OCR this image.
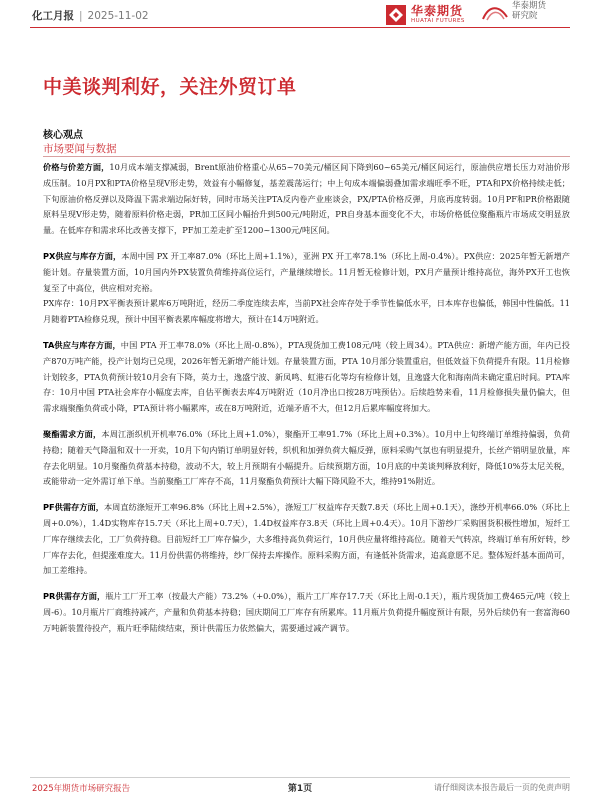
化工月报 | 2025-11-02	华泰期货
HUATAI FUTURES
华泰期货
研究院
中美谈判利好，关注外贸订单
核心观点
市场要闻与数据

价格与价差方面，10月成本端支撑减弱，Brent原油价格重心从65~70美元/桶区间下降到60~65美元/桶区间运行，原油供应增长压力对油价形成压制。10月PX和PTA价格呈现V形走势，效益有小幅修复，基差震荡运行；中上旬成本端偏弱叠加需求端旺季不旺，PTA和PX价格持续走低；下旬原油价格反弹以及降温下需求端边际好转，同时市场关注PTA反内卷产业座谈会，PX/PTA价格反弹，月底再度转弱。10月PF和PR价格跟随原料呈现V形走势，随着原料价格走弱，PR加工区间小幅抬升到500元/吨附近，PR自身基本面变化不大，市场价格低位聚酯瓶片市场成交明显放量。在低库存和需求环比改善支撑下，PF加工差走扩至1200~1300元/吨区间。

PX供应与库存方面，本周中国 PX 开工率87.0%（环比上周+1.1%），亚洲 PX 开工率78.1%（环比上周-0.4%）。PX供应：2025年暂无新增产能计划。存量装置方面，10月国内外PX装置负荷维持高位运行，产量继续增长。11月暂无检修计划，PX月产量预计维持高位，海外PX开工也恢复至了中高位，供应相对充裕。

PX库存：10月PX平衡表预计累库6万吨附近，经历二季度连续去库，当前PX社会库存处于季节性偏低水平，日本库存也偏低，韩国中性偏低。11月随着PTA检修兑现，预计中国平衡表累库幅度将增大，预计在14万吨附近。

TA供应与库存方面，中国 PTA 开工率78.0%（环比上周-0.8%），PTA现货加工费108元/吨（较上周34）。PTA供应：新增产能方面，年内已投产870万吨产能，投产计划均已兑现，2026年暂无新增产能计划。存量装置方面，PTA 10月部分装置重启，但低效益下负荷提升有限。11月检修计划较多，PTA负荷预计较10月会有下降，英力士，逸盛宁波、新凤鸣、虹港石化等均有检修计划，且逸盛大化和海南尚未确定重启时间。PTA库存：10月中国 PTA社会库存小幅度去库，自估平衡表去库4万吨附近（10月净出口按28万吨预估）。后续趋势来看，11月检修损失量仍偏大，但需求端聚酯负荷或小降，PTA预计将小幅累库，或在8万吨附近，近端矛盾不大，但12月后累库幅度将加大。

聚酯需求方面，本周江浙织机开机率76.0%（环比上周+1.0%），聚酯开工率91.7%（环比上周+0.3%）。10月中上旬终端订单维持偏弱，负荷持稳；随着天气降温和双十一开卖，10月下旬内销订单明显好转，织机和加弹负荷大幅反弹，原料采购气氛也有明显提升，长丝产销明显放量，库存去化明显。10月聚酯负荷基本持稳，波动不大，较上月预期有小幅提升。后续预期方面，10月底的中美谈判释放利好，降低10%芬太尼关税，或能带动一定外需订单下单。当前聚酯工厂库存不高，11月聚酯负荷预计大幅下降风险不大，维持91%附近。

PF供需存方面，本周直纺涤短开工率96.8%（环比上周+2.5%），涤短工厂权益库存天数7.8天（环比上周+0.1天），涤纱开机率66.0%（环比上周+0.0%），1.4D实物库存15.7天（环比上周+0.7天），1.4D权益库存3.8天（环比上周+0.4天）。10月下游纱厂采购围货积极性增加，短纤工厂库存继续去化，工厂负荷持稳。目前短纤工厂库存偏少，大多维持高负荷运行，10月供应量将维持高位。随着天气转凉，终端订单有所好转，纱厂库存去化，但提涨难度大。11月份供需仍将维持，纱厂保持去库操作。原料采购方面，有逢低补货需求，追高意愿不足。整体短纤基本面尚可，加工差维持。

PR供需存方面，瓶片工厂开工率（按最大产能）73.2%（+0.0%），瓶片工厂库存17.7天（环比上周-0.1天），瓶片现货加工费465元/吨（较上周-6）。10月瓶片厂商维持减产，产量和负荷基本持稳；国庆期间工厂库存有所累库。11月瓶片负荷提升幅度预计有限，另外后续仍有一套富海60万吨新装置待投产，瓶片旺季陆续结束，预计供需压力依然偏大，需要通过减产调节。

2025年期货市场研究报告	第1页	请仔细阅读本报告最后一页的免责声明
